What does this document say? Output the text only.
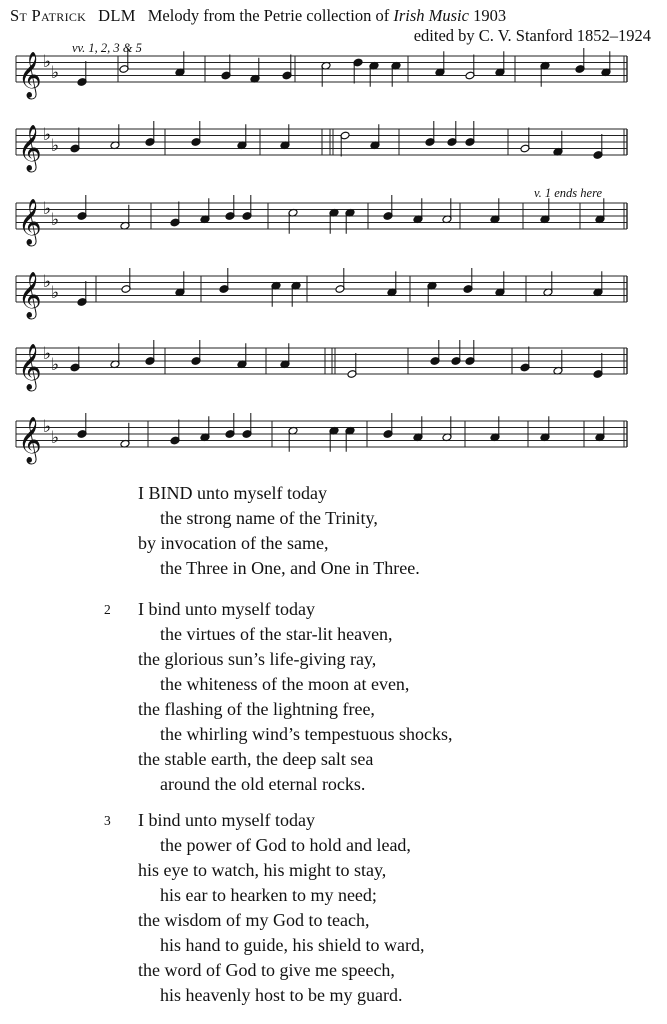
St Patrick DLM Melody from the Petrie collection of Irish Music 1903
edited by C. V. Stanford 1852–1924
vv. 1, 2, 3 & 5
v. 1 ends here
𝄞 ♭
♭
𝄞 ♭
♭
𝄞 ♭
♭
𝄞 ♭
♭
𝄞 ♭
♭
𝄞 ♭
♭
I BIND unto myself today
the strong name of the Trinity,
by invocation of the same,
the Three in One, and One in Three.
2 I bind unto myself today
the virtues of the star-lit heaven,
the glorious sun’s life-giving ray,
the whiteness of the moon at even,
the flashing of the lightning free,
the whirling wind’s tempestuous shocks,
the stable earth, the deep salt sea
around the old eternal rocks.
3 I bind unto myself today
the power of God to hold and lead,
his eye to watch, his might to stay,
his ear to hearken to my need;
the wisdom of my God to teach,
his hand to guide, his shield to ward,
the word of God to give me speech,
his heavenly host to be my guard.
